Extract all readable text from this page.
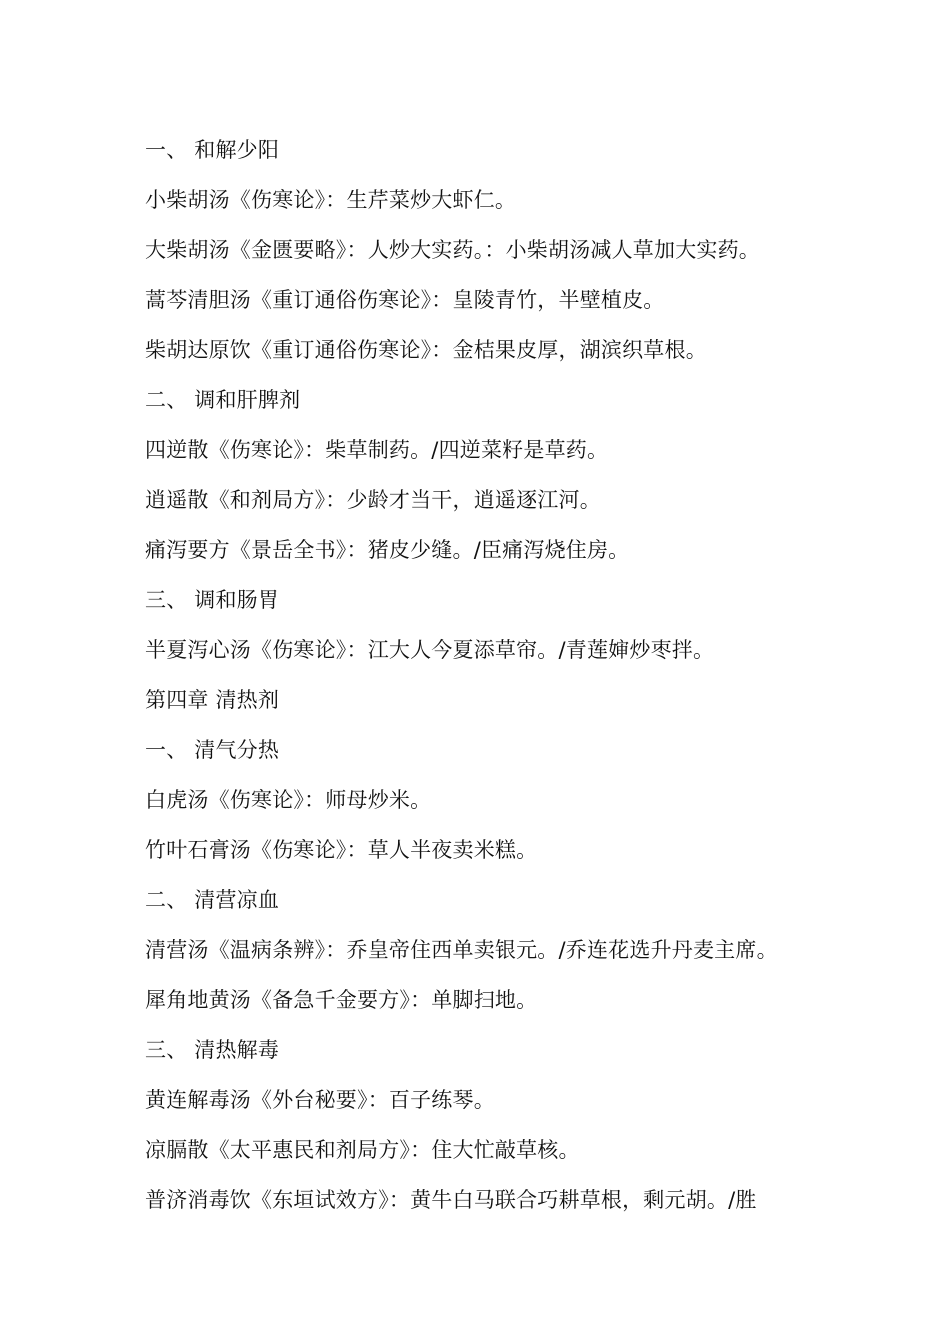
一、 和解少阳
小柴胡汤《伤寒论》：生芹菜炒大虾仁。
大柴胡汤《金匮要略》：人炒大实药。：小柴胡汤减人草加大实药。
蒿芩清胆汤《重订通俗伤寒论》：皇陵青竹，半壁植皮。
柴胡达原饮《重订通俗伤寒论》：金桔果皮厚，湖滨织草根。
二、 调和肝脾剂
四逆散《伤寒论》：柴草制药。/四逆菜籽是草药。
逍遥散《和剂局方》：少龄才当干，逍遥逐江河。
痛泻要方《景岳全书》：猪皮少缝。/臣痛泻烧住房。
三、 调和肠胃
半夏泻心汤《伤寒论》：江大人今夏添草帘。/青莲婶炒枣拌。
第四章 清热剂
一、 清气分热
白虎汤《伤寒论》：师母炒米。
竹叶石膏汤《伤寒论》：草人半夜卖米糕。
二、 清营凉血
清营汤《温病条辨》：乔皇帝住西单卖银元。/乔连花选升丹麦主席。
犀角地黄汤《备急千金要方》：单脚扫地。
三、 清热解毒
黄连解毒汤《外台秘要》：百子练琴。
凉膈散《太平惠民和剂局方》：住大忙敲草核。
普济消毒饮《东垣试效方》：黄牛白马联合巧耕草根，剩元胡。/胜
